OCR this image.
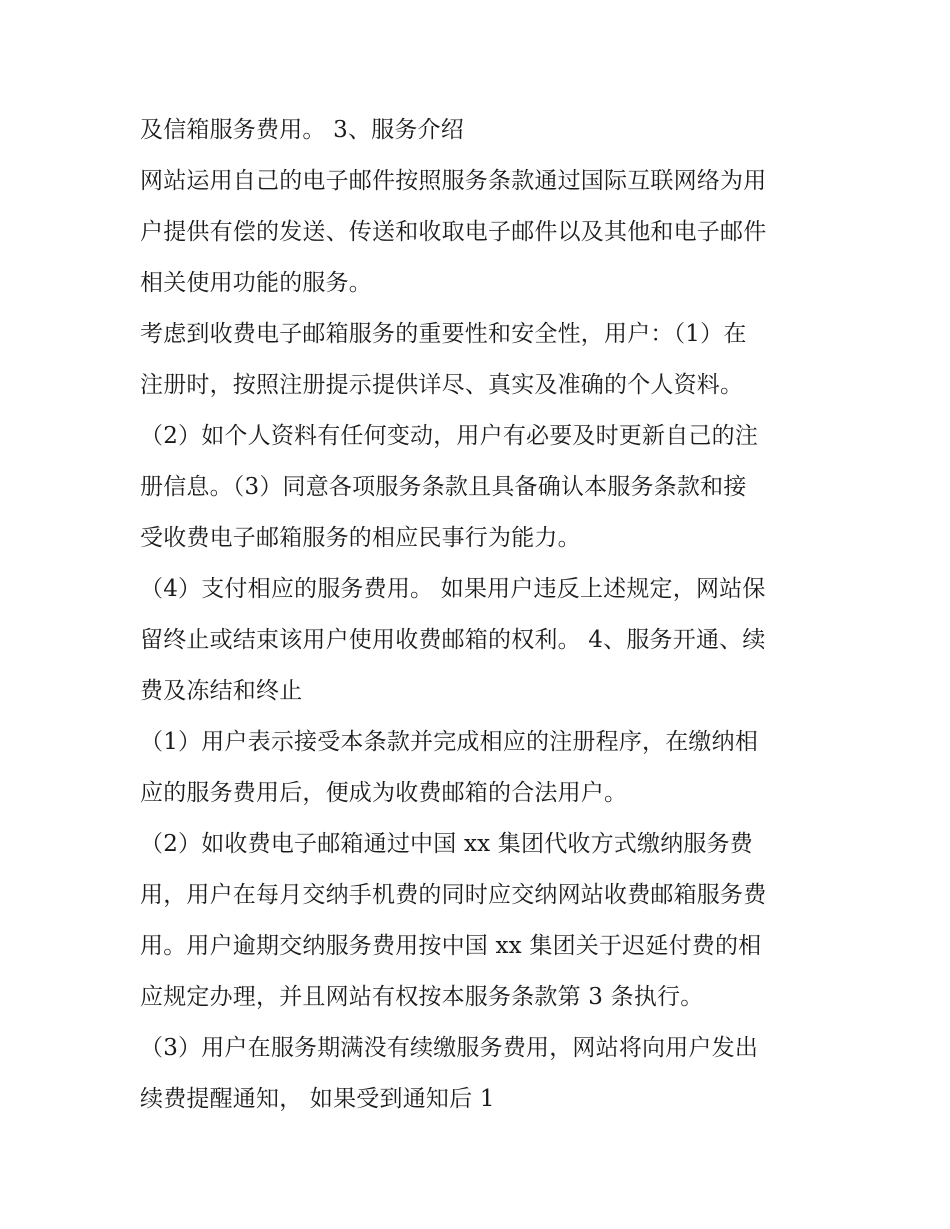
及信箱服务费用。 3、服务介绍
网站运用自己的电子邮件按照服务条款通过国际互联网络为用
户提供有偿的发送、传送和收取电子邮件以及其他和电子邮件
相关使用功能的服务。
考虑到收费电子邮箱服务的重要性和安全性，用户：（1）在
注册时，按照注册提示提供详尽、真实及准确的个人资料。
（2）如个人资料有任何变动，用户有必要及时更新自己的注
册信息。（3）同意各项服务条款且具备确认本服务条款和接
受收费电子邮箱服务的相应民事行为能力。
（4）支付相应的服务费用。 如果用户违反上述规定，网站保
留终止或结束该用户使用收费邮箱的权利。 4、服务开通、续
费及冻结和终止
（1）用户表示接受本条款并完成相应的注册程序，在缴纳相
应的服务费用后，便成为收费邮箱的合法用户。
（2）如收费电子邮箱通过中国 xx 集团代收方式缴纳服务费
用，用户在每月交纳手机费的同时应交纳网站收费邮箱服务费
用。用户逾期交纳服务费用按中国 xx 集团关于迟延付费的相
应规定办理，并且网站有权按本服务条款第 3 条执行。
（3）用户在服务期满没有续缴服务费用，网站将向用户发出
续费提醒通知， 如果受到通知后 1
